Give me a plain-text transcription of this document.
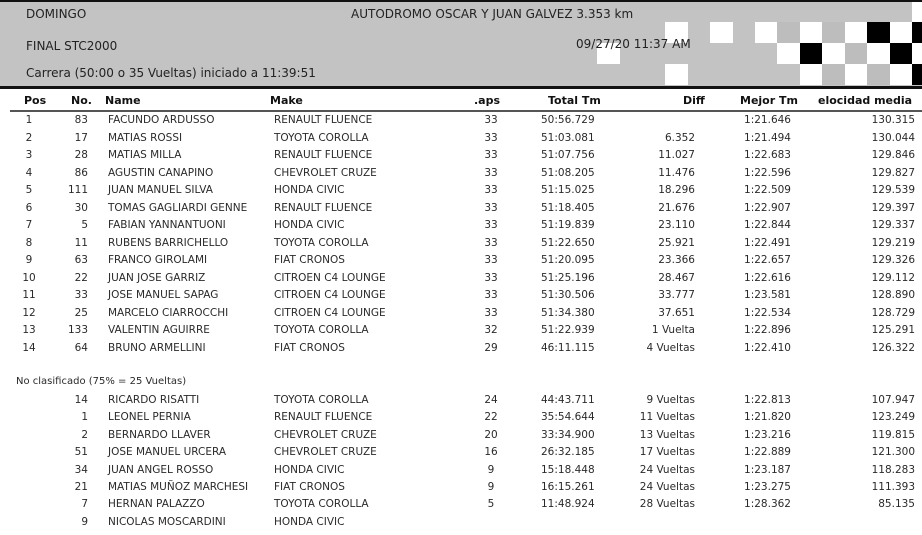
DOMINGO	AUTODROMO OSCAR Y JUAN GALVEZ 3.353 km
FINAL STC2000	09/27/20 11:37 AM
Carrera (50:00 o 35 Vueltas) iniciado a 11:39:51
Pos No. Name	Make	.aps	Total Tm	Diff	Mejor Tm elocidad media
1	83 FACUNDO ARDUSSO	RENAULT FLUENCE	33	50:56.729	1:21.646	130.315
2	17 MATIAS ROSSI	TOYOTA COROLLA	33	51:03.081	6.352	1:21.494	130.044
3	28 MATIAS MILLA	RENAULT FLUENCE	33	51:07.756	11.027	1:22.683	129.846
4	86 AGUSTIN CANAPINO	CHEVROLET CRUZE	33	51:08.205	11.476	1:22.596	129.827
5	111 JUAN MANUEL SILVA	HONDA CIVIC	33	51:15.025	18.296	1:22.509	129.539
6	30 TOMAS GAGLIARDI GENNE	RENAULT FLUENCE	33	51:18.405	21.676	1:22.907	129.397
7	5 FABIAN YANNANTUONI	HONDA CIVIC	33	51:19.839	23.110	1:22.844	129.337
8	11 RUBENS BARRICHELLO	TOYOTA COROLLA	33	51:22.650	25.921	1:22.491	129.219
9	63 FRANCO GIROLAMI	FIAT CRONOS	33	51:20.095	23.366	1:22.657	129.326
10	22 JUAN JOSE GARRIZ	CITROEN C4 LOUNGE	33	51:25.196	28.467	1:22.616	129.112
11	33 JOSE MANUEL SAPAG	CITROEN C4 LOUNGE	33	51:30.506	33.777	1:23.581	128.890
12	25 MARCELO CIARROCCHI	CITROEN C4 LOUNGE	33	51:34.380	37.651	1:22.534	128.729
13	133 VALENTIN AGUIRRE	TOYOTA COROLLA	32	51:22.939	1 Vuelta	1:22.896	125.291
14	64 BRUNO ARMELLINI	FIAT CRONOS	29	46:11.115	4 Vueltas	1:22.410	126.322
No clasificado (75% = 25 Vueltas)
14 RICARDO RISATTI	TOYOTA COROLLA	24	44:43.711	9 Vueltas	1:22.813	107.947
1 LEONEL PERNIA	RENAULT FLUENCE	22	35:54.644	11 Vueltas	1:21.820	123.249
2 BERNARDO LLAVER	CHEVROLET CRUZE	20	33:34.900	13 Vueltas	1:23.216	119.815
51 JOSE MANUEL URCERA	CHEVROLET CRUZE	16	26:32.185	17 Vueltas	1:22.889	121.300
34 JUAN ANGEL ROSSO	HONDA CIVIC	9	15:18.448	24 Vueltas	1:23.187	118.283
21 MATIAS MUÑOZ MARCHESI FIAT CRONOS	9	16:15.261	24 Vueltas	1:23.275	111.393
7 HERNAN PALAZZO	TOYOTA COROLLA	5	11:48.924	28 Vueltas	1:28.362	85.135
9 NICOLAS MOSCARDINI	HONDA CIVIC
